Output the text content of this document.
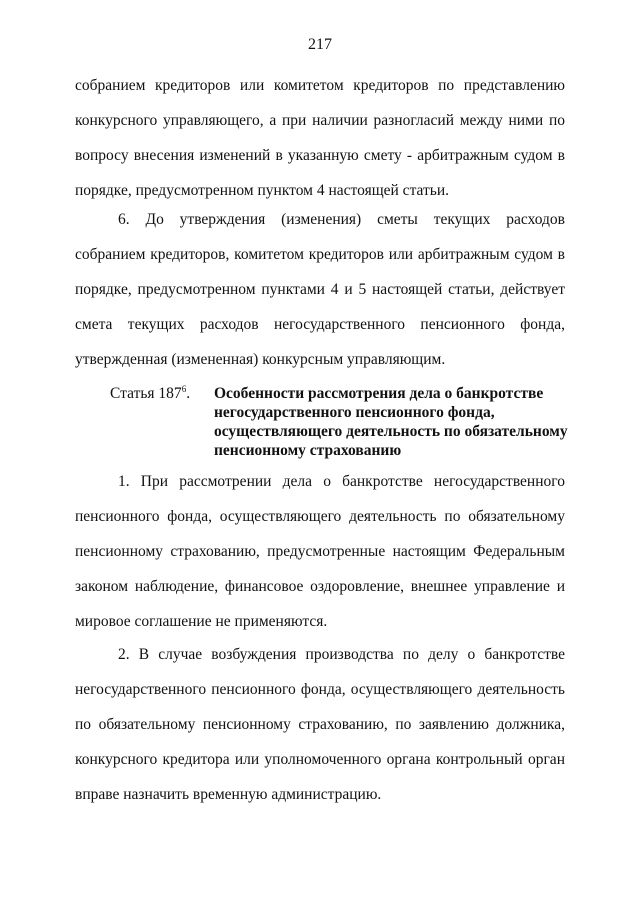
217

собранием кредиторов или комитетом кредиторов по представлению конкурсного управляющего, а при наличии разногласий между ними по вопросу внесения изменений в указанную смету - арбитражным судом в порядке, предусмотренном пунктом 4 настоящей статьи.

6. До утверждения (изменения) сметы текущих расходов собранием кредиторов, комитетом кредиторов или арбитражным судом в порядке, предусмотренном пунктами 4 и 5 настоящей статьи, действует смета текущих расходов негосударственного пенсионного фонда, утвержденная (измененная) конкурсным управляющим.

Статья $187^6$.	Особенности рассмотрения дела о банкротстве негосударственного пенсионного фонда, осуществляющего деятельность по обязательному пенсионному страхованию

1. При рассмотрении дела о банкротстве негосударственного пенсионного фонда, осуществляющего деятельность по обязательному пенсионному страхованию, предусмотренные настоящим Федеральным законом наблюдение, финансовое оздоровление, внешнее управление и мировое соглашение не применяются.

2. В случае возбуждения производства по делу о банкротстве негосударственного пенсионного фонда, осуществляющего деятельность по обязательному пенсионному страхованию, по заявлению должника, конкурсного кредитора или уполномоченного органа контрольный орган вправе назначить временную администрацию.
